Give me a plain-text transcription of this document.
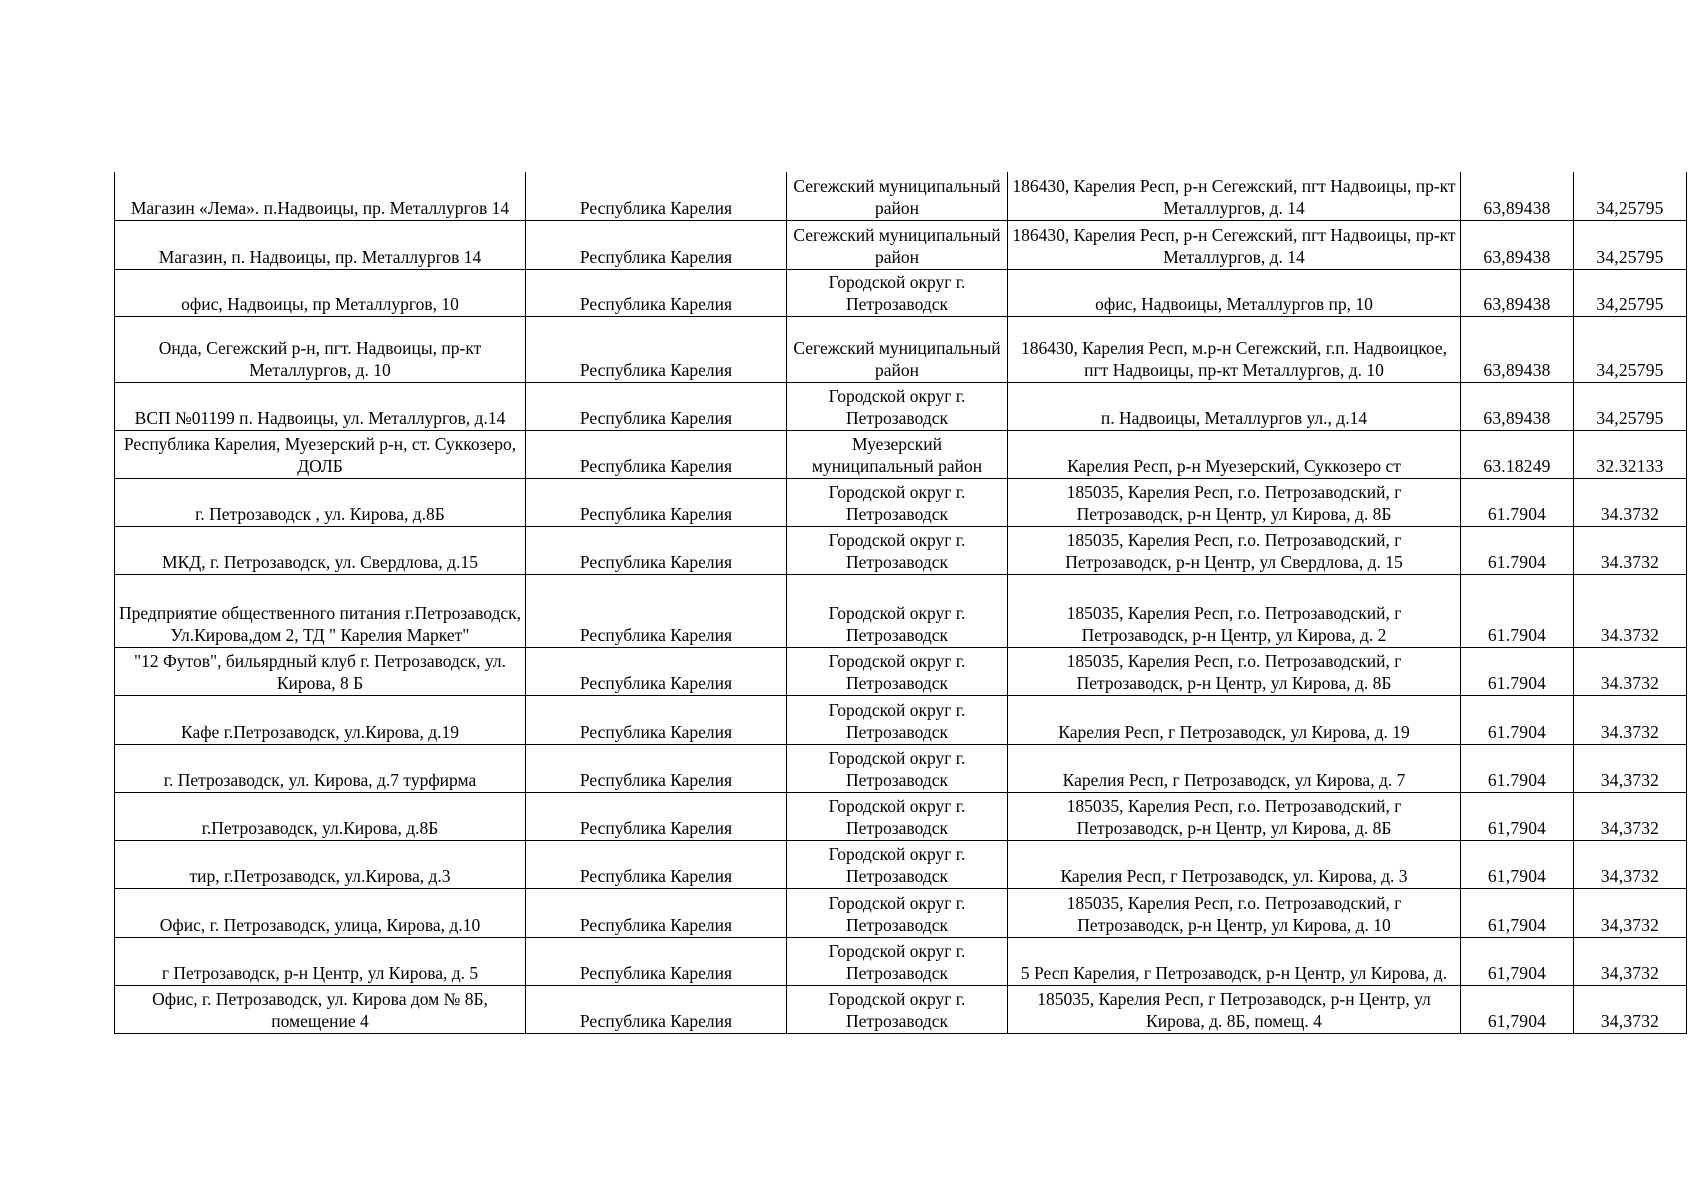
Магазин «Лема». п.Надвоицы, пр. Металлургов 14	Республика Карелия	Сегежский муниципальный район	186430, Карелия Респ, р-н Сегежский, пгт Надвоицы, пр-кт Металлургов, д. 14	63,89438	34,25795
Магазин, п. Надвоицы, пр. Металлургов 14	Республика Карелия	Сегежский муниципальный район	186430, Карелия Респ, р-н Сегежский, пгт Надвоицы, пр-кт Металлургов, д. 14	63,89438	34,25795
офис, Надвоицы, пр Металлургов, 10	Республика Карелия	Городской округ г. Петрозаводск	офис, Надвоицы, Металлургов пр, 10	63,89438	34,25795
Онда, Сегежский р-н, пгт. Надвоицы, пр-кт Металлургов, д. 10	Республика Карелия	Сегежский муниципальный район	186430, Карелия Респ, м.р-н Сегежский, г.п. Надвоицкое, пгт Надвоицы, пр-кт Металлургов, д. 10	63,89438	34,25795
ВСП №01199 п. Надвоицы, ул. Металлургов, д.14	Республика Карелия	Городской округ г. Петрозаводск	п. Надвоицы, Металлургов ул., д.14	63,89438	34,25795
Республика Карелия, Муезерский р-н, ст. Суккозеро, ДОЛБ	Республика Карелия	Муезерский муниципальный район	Карелия Респ, р-н Муезерский, Суккозеро ст	63.18249	32.32133
г. Петрозаводск , ул. Кирова, д.8Б	Республика Карелия	Городской округ г. Петрозаводск	185035, Карелия Респ, г.о. Петрозаводский, г Петрозаводск, р-н Центр, ул Кирова, д. 8Б	61.7904	34.3732
МКД, г. Петрозаводск, ул. Свердлова, д.15	Республика Карелия	Городской округ г. Петрозаводск	185035, Карелия Респ, г.о. Петрозаводский, г Петрозаводск, р-н Центр, ул Свердлова, д. 15	61.7904	34.3732
Предприятие общественного питания г.Петрозаводск, Ул.Кирова,дом 2, ТД " Карелия Маркет"	Республика Карелия	Городской округ г. Петрозаводск	185035, Карелия Респ, г.о. Петрозаводский, г Петрозаводск, р-н Центр, ул Кирова, д. 2	61.7904	34.3732
"12 Футов", бильярдный клуб г. Петрозаводск, ул. Кирова, 8 Б	Республика Карелия	Городской округ г. Петрозаводск	185035, Карелия Респ, г.о. Петрозаводский, г Петрозаводск, р-н Центр, ул Кирова, д. 8Б	61.7904	34.3732
Кафе г.Петрозаводск, ул.Кирова, д.19	Республика Карелия	Городской округ г. Петрозаводск	Карелия Респ, г Петрозаводск, ул Кирова, д. 19	61.7904	34.3732
г. Петрозаводск, ул. Кирова, д.7 турфирма	Республика Карелия	Городской округ г. Петрозаводск	Карелия Респ, г Петрозаводск, ул Кирова, д. 7	61.7904	34,3732
г.Петрозаводск, ул.Кирова, д.8Б	Республика Карелия	Городской округ г. Петрозаводск	185035, Карелия Респ, г.о. Петрозаводский, г Петрозаводск, р-н Центр, ул Кирова, д. 8Б	61,7904	34,3732
тир, г.Петрозаводск, ул.Кирова, д.3	Республика Карелия	Городской округ г. Петрозаводск	Карелия Респ, г Петрозаводск, ул. Кирова, д. 3	61,7904	34,3732
Офис, г. Петрозаводск, улица, Кирова, д.10	Республика Карелия	Городской округ г. Петрозаводск	185035, Карелия Респ, г.о. Петрозаводский, г Петрозаводск, р-н Центр, ул Кирова, д. 10	61,7904	34,3732
г Петрозаводск, р-н Центр, ул Кирова, д. 5	Республика Карелия	Городской округ г. Петрозаводск	5 Респ Карелия, г Петрозаводск, р-н Центр, ул Кирова, д.	61,7904	34,3732
Офис, г. Петрозаводск, ул. Кирова дом № 8Б, помещение 4	Республика Карелия	Городской округ г. Петрозаводск	185035, Карелия Респ, г Петрозаводск, р-н Центр, ул Кирова, д. 8Б, помещ. 4	61,7904	34,3732
